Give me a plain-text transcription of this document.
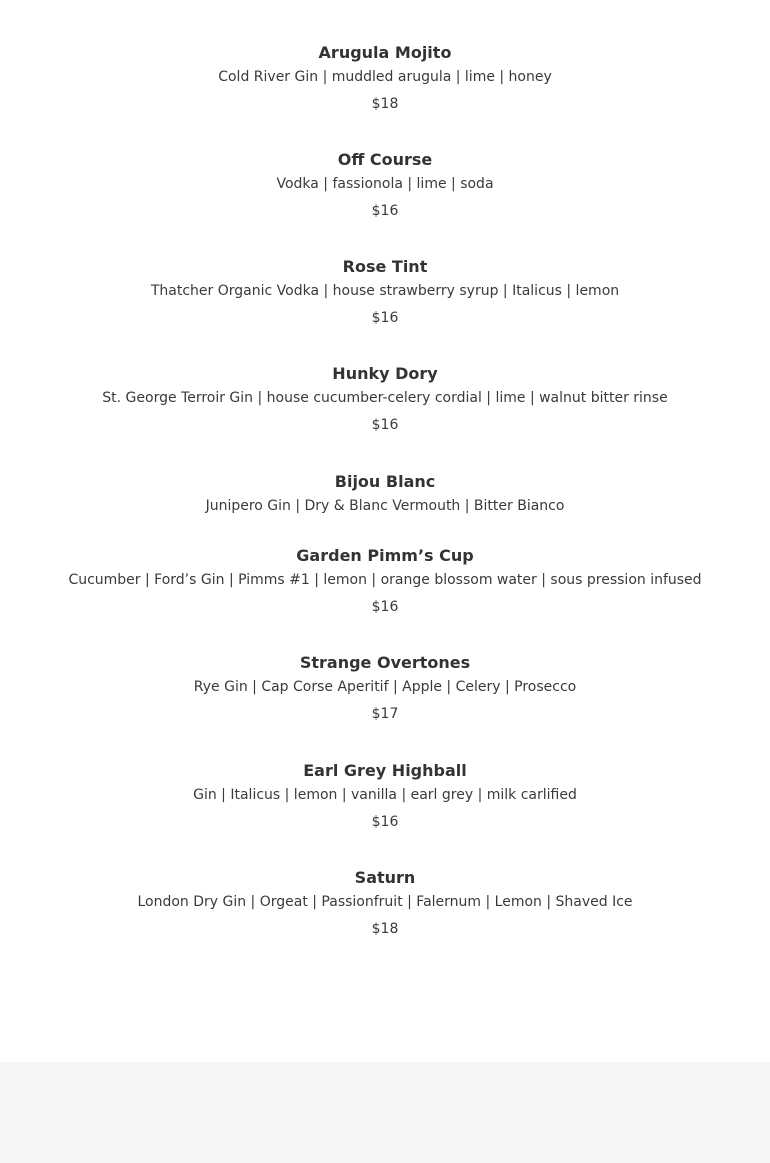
Arugula Mojito
Cold River Gin | muddled arugula | lime | honey
$18
Off Course
Vodka | fassionola | lime | soda
$16
Rose Tint
Thatcher Organic Vodka | house strawberry syrup | Italicus | lemon
$16
Hunky Dory
St. George Terroir Gin | house cucumber-celery cordial | lime | walnut bitter rinse
$16
Bijou Blanc
Junipero Gin | Dry & Blanc Vermouth | Bitter Bianco
Garden Pimm’s Cup
Cucumber | Ford’s Gin | Pimms #1 | lemon | orange blossom water | sous pression infused
$16
Strange Overtones
Rye Gin | Cap Corse Aperitif | Apple | Celery | Prosecco
$17
Earl Grey Highball
Gin | Italicus | lemon | vanilla | earl grey | milk carlified
$16
Saturn
London Dry Gin | Orgeat | Passionfruit | Falernum | Lemon | Shaved Ice
$18
